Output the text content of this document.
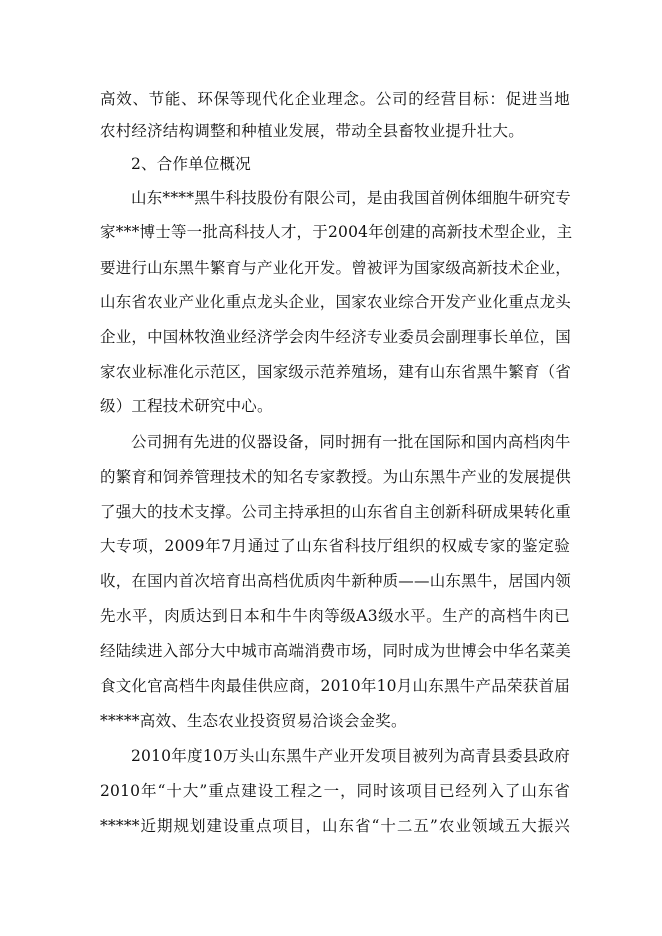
高效、节能、环保等现代化企业理念。公司的经营目标：促进当地
农村经济结构调整和种植业发展，带动全县畜牧业提升壮大。
2、合作单位概况
山东****黑牛科技股份有限公司，是由我国首例体细胞牛研究专
家***博士等一批高科技人才，于2004年创建的高新技术型企业，主
要进行山东黑牛繁育与产业化开发。曾被评为国家级高新技术企业，
山东省农业产业化重点龙头企业，国家农业综合开发产业化重点龙头
企业，中国林牧渔业经济学会肉牛经济专业委员会副理事长单位，国
家农业标准化示范区，国家级示范养殖场，建有山东省黑牛繁育（省
级）工程技术研究中心。
公司拥有先进的仪器设备，同时拥有一批在国际和国内高档肉牛
的繁育和饲养管理技术的知名专家教授。为山东黑牛产业的发展提供
了强大的技术支撑。公司主持承担的山东省自主创新科研成果转化重
大专项，2009年7月通过了山东省科技厅组织的权威专家的鉴定验
收，在国内首次培育出高档优质肉牛新种质——山东黑牛，居国内领
先水平，肉质达到日本和牛牛肉等级A3级水平。生产的高档牛肉已
经陆续进入部分大中城市高端消费市场，同时成为世博会中华名菜美
食文化官高档牛肉最佳供应商，2010年10月山东黑牛产品荣获首届
*****高效、生态农业投资贸易洽谈会金奖。
2010年度10万头山东黑牛产业开发项目被列为高青县委县政府
2010年“十大”重点建设工程之一，同时该项目已经列入了山东省
*****近期规划建设重点项目，山东省“十二五”农业领域五大振兴
